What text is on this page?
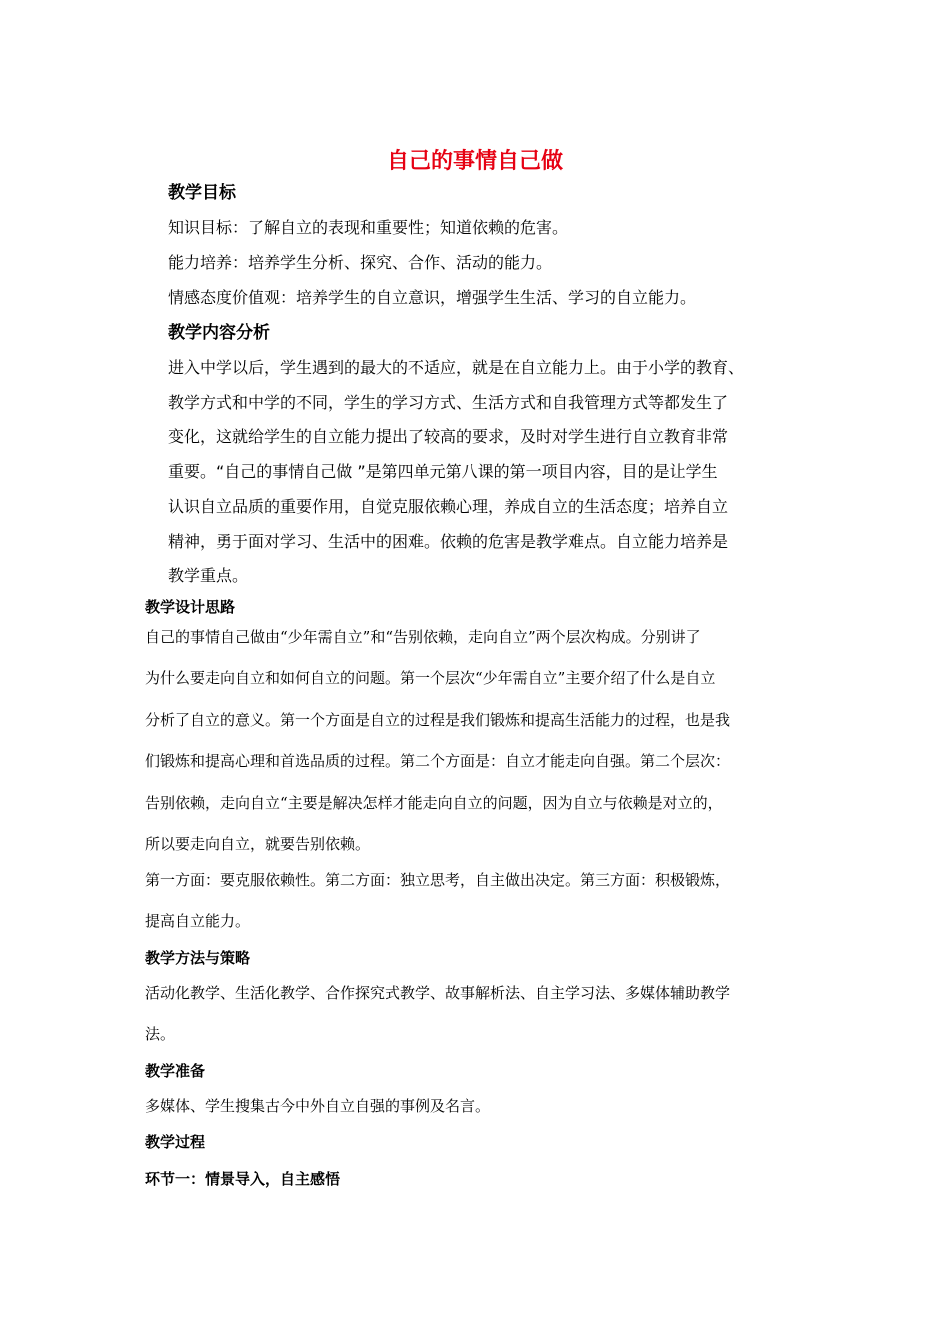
自己的事情自己做
教学目标
知识目标：了解自立的表现和重要性；知道依赖的危害。
能力培养：培养学生分析、探究、合作、活动的能力。
情感态度价值观：培养学生的自立意识，增强学生生活、学习的自立能力。
教学内容分析
进入中学以后，学生遇到的最大的不适应，就是在自立能力上。由于小学的教育、
教学方式和中学的不同，学生的学习方式、生活方式和自我管理方式等都发生了
变化，这就给学生的自立能力提出了较高的要求，及时对学生进行自立教育非常
重要。“自己的事情自己做 ”是第四单元第八课的第一项目内容，目的是让学生
认识自立品质的重要作用，自觉克服依赖心理，养成自立的生活态度；培养自立
精神，勇于面对学习、生活中的困难。依赖的危害是教学难点。自立能力培养是
教学重点。
教学设计思路
自己的事情自己做由“少年需自立”和“告别依赖，走向自立”两个层次构成。分别讲了
为什么要走向自立和如何自立的问题。第一个层次“少年需自立”主要介绍了什么是自立
分析了自立的意义。第一个方面是自立的过程是我们锻炼和提高生活能力的过程，也是我
们锻炼和提高心理和首选品质的过程。第二个方面是：自立才能走向自强。第二个层次：
告别依赖，走向自立“主要是解决怎样才能走向自立的问题，因为自立与依赖是对立的，
所以要走向自立，就要告别依赖。
第一方面：要克服依赖性。第二方面：独立思考，自主做出决定。第三方面：积极锻炼，
提高自立能力。
教学方法与策略
活动化教学、生活化教学、合作探究式教学、故事解析法、自主学习法、多媒体辅助教学
法。
教学准备
多媒体、学生搜集古今中外自立自强的事例及名言。
教学过程
环节一：情景导入，自主感悟
